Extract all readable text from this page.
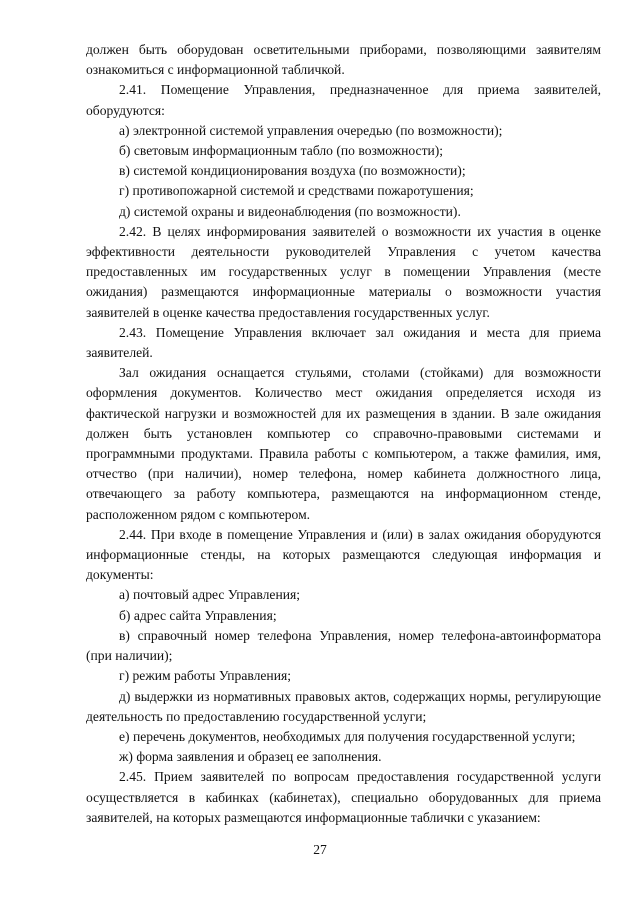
должен быть оборудован осветительными приборами, позволяющими заявителям ознакомиться с информационной табличкой.

2.41. Помещение Управления, предназначенное для приема заявителей, оборудуются:

а) электронной системой управления очередью (по возможности);

б) световым информационным табло (по возможности);

в) системой кондиционирования воздуха (по возможности);

г) противопожарной системой и средствами пожаротушения;

д) системой охраны и видеонаблюдения (по возможности).

2.42. В целях информирования заявителей о возможности их участия в оценке эффективности деятельности руководителей Управления с учетом качества предоставленных им государственных услуг в помещении Управления (месте ожидания) размещаются информационные материалы о возможности участия заявителей в оценке качества предоставления государственных услуг.

2.43. Помещение Управления включает зал ожидания и места для приема заявителей.

Зал ожидания оснащается стульями, столами (стойками) для возможности оформления документов. Количество мест ожидания определяется исходя из фактической нагрузки и возможностей для их размещения в здании. В зале ожидания должен быть установлен компьютер со справочно-правовыми системами и программными продуктами. Правила работы с компьютером, а также фамилия, имя, отчество (при наличии), номер телефона, номер кабинета должностного лица, отвечающего за работу компьютера, размещаются на информационном стенде, расположенном рядом с компьютером.

2.44. При входе в помещение Управления и (или) в залах ожидания оборудуются информационные стенды, на которых размещаются следующая информация и документы:

а) почтовый адрес Управления;

б) адрес сайта Управления;

в) справочный номер телефона Управления, номер телефона-автоинформатора (при наличии);

г) режим работы Управления;

д) выдержки из нормативных правовых актов, содержащих нормы, регулирующие деятельность по предоставлению государственной услуги;

е) перечень документов, необходимых для получения государственной услуги;

ж) форма заявления и образец ее заполнения.

2.45. Прием заявителей по вопросам предоставления государственной услуги осуществляется в кабинках (кабинетах), специально оборудованных для приема заявителей, на которых размещаются информационные таблички с указанием:

27
